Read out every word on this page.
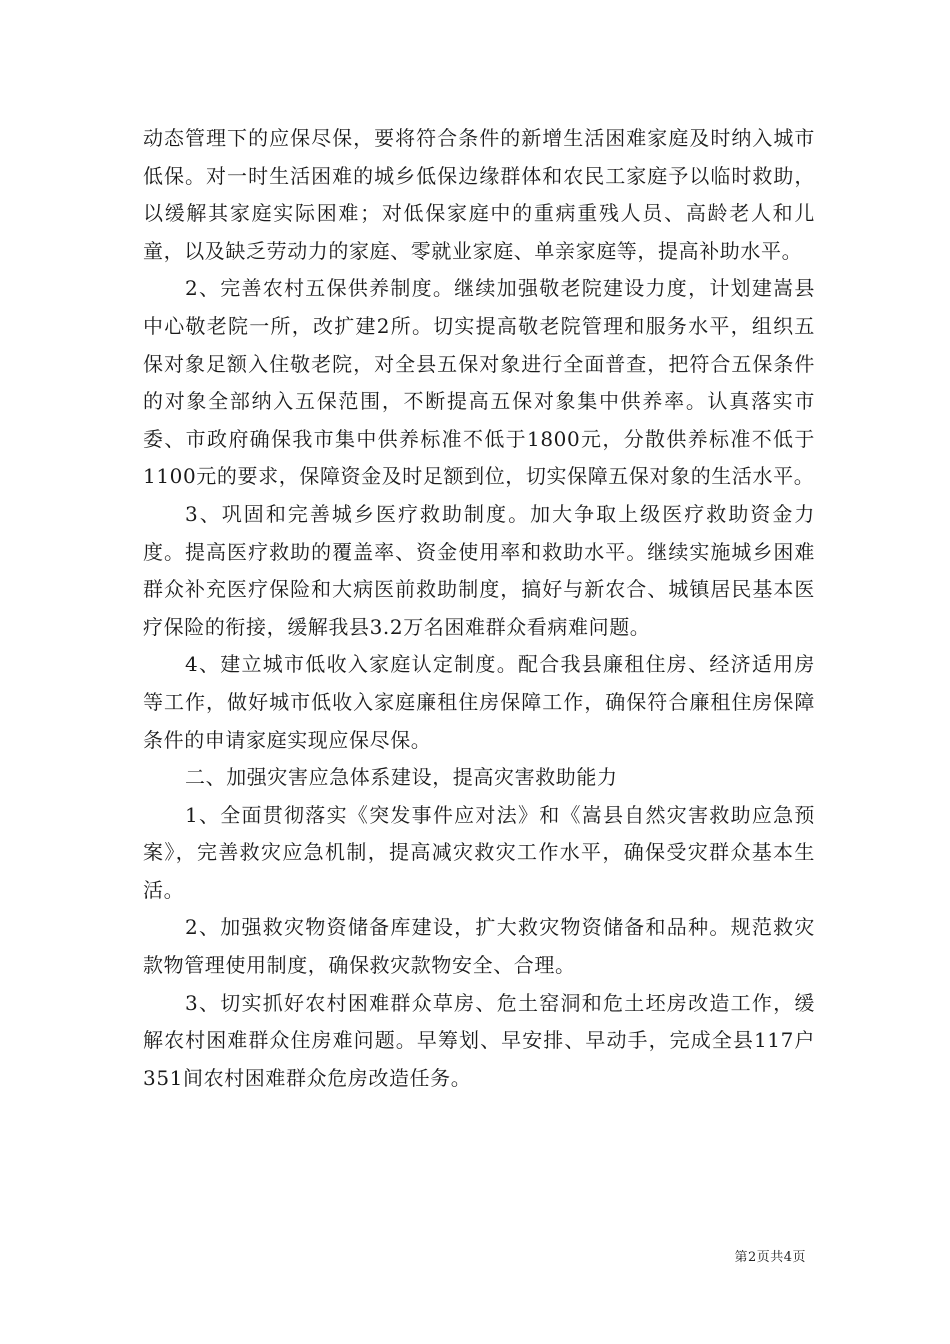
动态管理下的应保尽保，要将符合条件的新增生活困难家庭及时纳入城市低保。对一时生活困难的城乡低保边缘群体和农民工家庭予以临时救助，以缓解其家庭实际困难；对低保家庭中的重病重残人员、高龄老人和儿童，以及缺乏劳动力的家庭、零就业家庭、单亲家庭等，提高补助水平。

2、完善农村五保供养制度。继续加强敬老院建设力度，计划建嵩县中心敬老院一所，改扩建2所。切实提高敬老院管理和服务水平，组织五保对象足额入住敬老院，对全县五保对象进行全面普查，把符合五保条件的对象全部纳入五保范围，不断提高五保对象集中供养率。认真落实市委、市政府确保我市集中供养标准不低于1800元，分散供养标准不低于1100元的要求，保障资金及时足额到位，切实保障五保对象的生活水平。

3、巩固和完善城乡医疗救助制度。加大争取上级医疗救助资金力度。提高医疗救助的覆盖率、资金使用率和救助水平。继续实施城乡困难群众补充医疗保险和大病医前救助制度，搞好与新农合、城镇居民基本医疗保险的衔接，缓解我县3.2万名困难群众看病难问题。

4、建立城市低收入家庭认定制度。配合我县廉租住房、经济适用房等工作，做好城市低收入家庭廉租住房保障工作，确保符合廉租住房保障条件的申请家庭实现应保尽保。

二、加强灾害应急体系建设，提高灾害救助能力

1、全面贯彻落实《突发事件应对法》和《嵩县自然灾害救助应急预案》，完善救灾应急机制，提高减灾救灾工作水平，确保受灾群众基本生活。

2、加强救灾物资储备库建设，扩大救灾物资储备和品种。规范救灾款物管理使用制度，确保救灾款物安全、合理。

3、切实抓好农村困难群众草房、危土窑洞和危土坯房改造工作，缓解农村困难群众住房难问题。早筹划、早安排、早动手，完成全县117户351间农村困难群众危房改造任务。

第2页共4页
